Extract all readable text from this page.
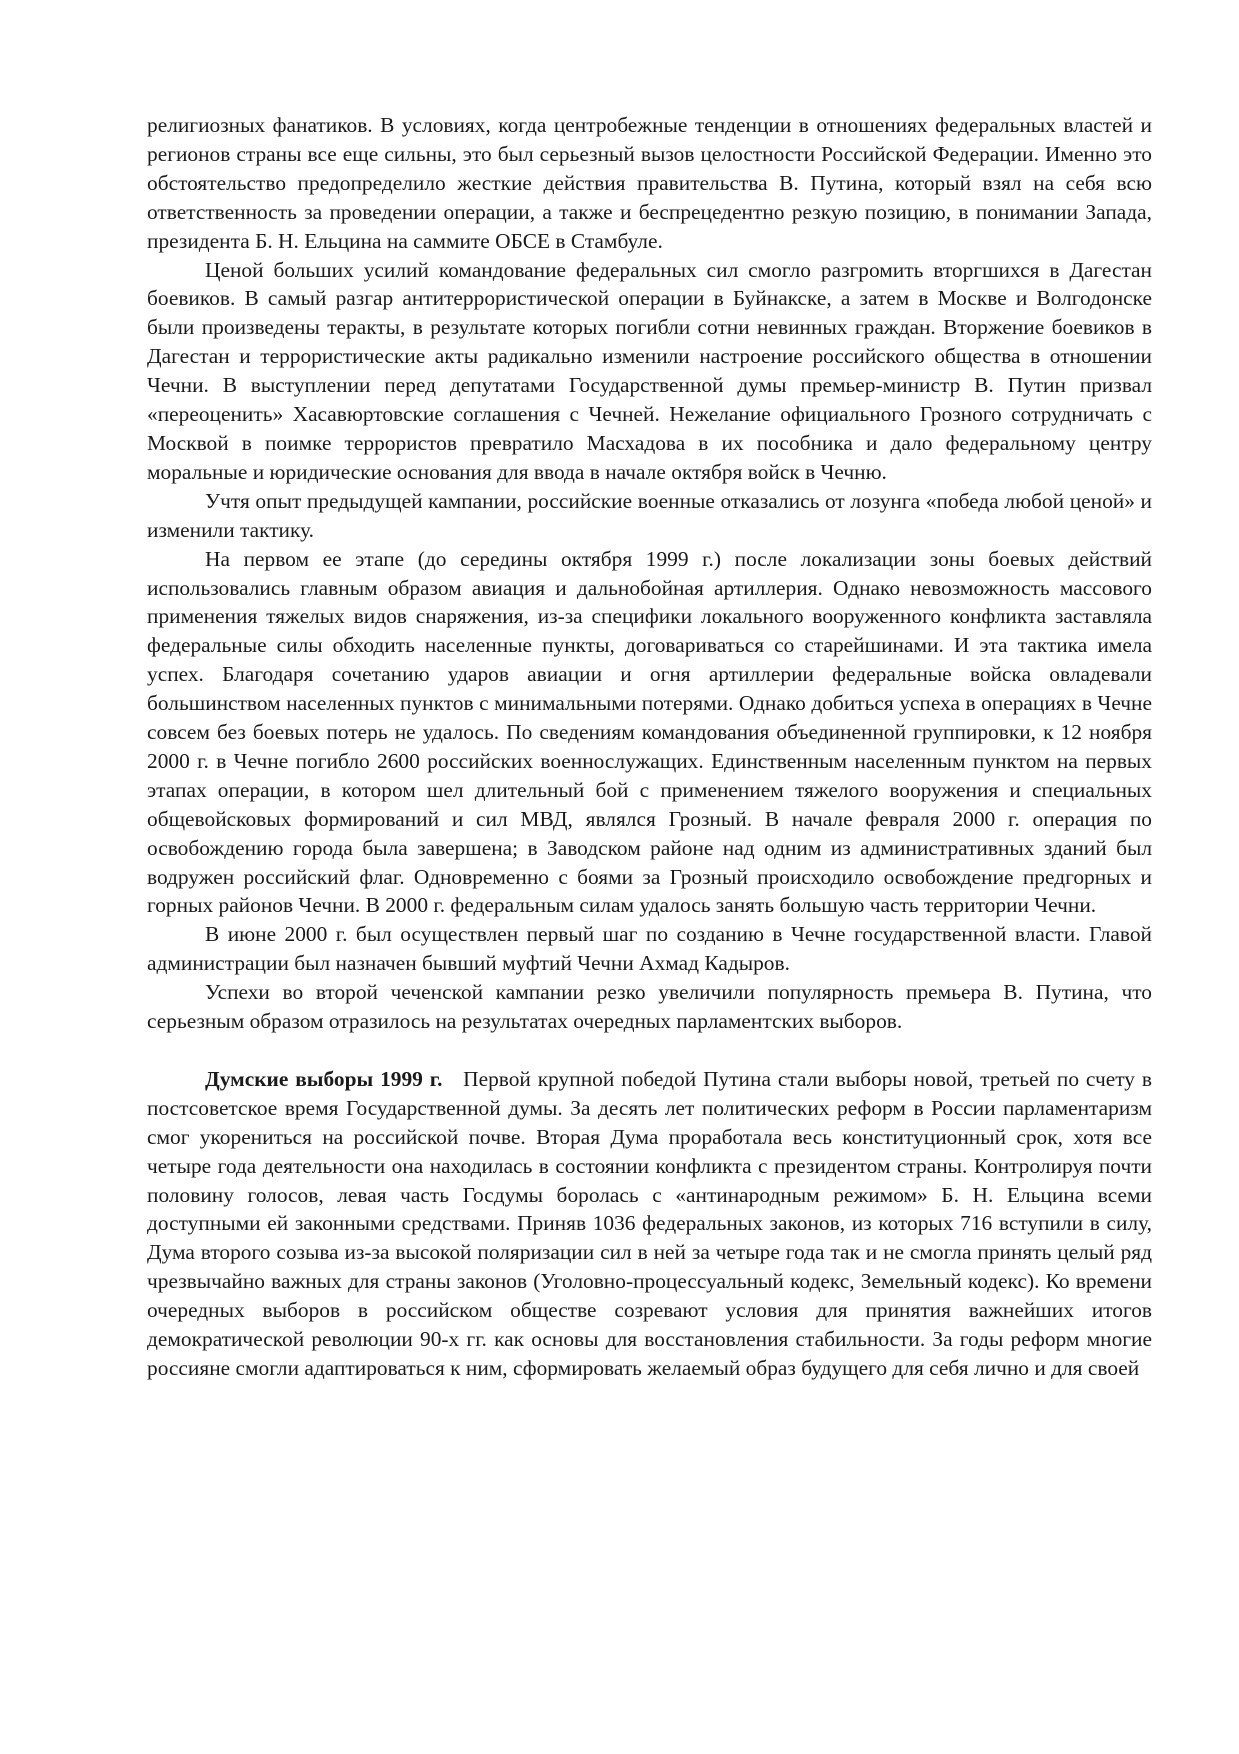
религиозных фанатиков. В условиях, когда центробежные тенденции в отношениях федеральных властей и регионов страны все еще сильны, это был серьезный вызов целостности Российской Федерации. Именно это обстоятельство предопределило жесткие действия правительства В. Путина, который взял на себя всю ответственность за проведении операции, а также и беспрецедентно резкую позицию, в понимании Запада, президента Б. Н. Ельцина на саммите ОБСЕ в Стамбуле.

Ценой больших усилий командование федеральных сил смогло разгромить вторгшихся в Дагестан боевиков. В самый разгар антитеррористической операции в Буйнакске, а затем в Москве и Волгодонске были произведены теракты, в результате которых погибли сотни невинных граждан. Вторжение боевиков в Дагестан и террористические акты радикально изменили настроение российского общества в отношении Чечни. В выступлении перед депутатами Государственной думы премьер-министр В. Путин призвал «переоценить» Хасавюртовские соглашения с Чечней. Нежелание официального Грозного сотрудничать с Москвой в поимке террористов превратило Масхадова в их пособника и дало федеральному центру моральные и юридические основания для ввода в начале октября войск в Чечню.

Учтя опыт предыдущей кампании, российские военные отказались от лозунга «победа любой ценой» и изменили тактику.

На первом ее этапе (до середины октября 1999 г.) после локализации зоны боевых действий использовались главным образом авиация и дальнобойная артиллерия. Однако невозможность массового применения тяжелых видов снаряжения, из-за специфики локального вооруженного конфликта заставляла федеральные силы обходить населенные пункты, договариваться со старейшинами. И эта тактика имела успех. Благодаря сочетанию ударов авиации и огня артиллерии федеральные войска овладевали большинством населенных пунктов с минимальными потерями. Однако добиться успеха в операциях в Чечне совсем без боевых потерь не удалось. По сведениям командования объединенной группировки, к 12 ноября 2000 г. в Чечне погибло 2600 российских военнослужащих. Единственным населенным пунктом на первых этапах операции, в котором шел длительный бой с применением тяжелого вооружения и специальных общевойсковых формирований и сил МВД, являлся Грозный. В начале февраля 2000 г. операция по освобождению города была завершена; в Заводском районе над одним из административных зданий был водружен российский флаг. Одновременно с боями за Грозный происходило освобождение предгорных и горных районов Чечни. В 2000 г. федеральным силам удалось занять большую часть территории Чечни.

В июне 2000 г. был осуществлен первый шаг по созданию в Чечне государственной власти. Главой администрации был назначен бывший муфтий Чечни Ахмад Кадыров.

Успехи во второй чеченской кампании резко увеличили популярность премьера В. Путина, что серьезным образом отразилось на результатах очередных парламентских выборов.

Думские выборы 1999 г. Первой крупной победой Путина стали выборы новой, третьей по счету в постсоветское время Государственной думы. За десять лет политических реформ в России парламентаризм смог укорениться на российской почве. Вторая Дума проработала весь конституционный срок, хотя все четыре года деятельности она находилась в состоянии конфликта с президентом страны. Контролируя почти половину голосов, левая часть Госдумы боролась с «антинародным режимом» Б. Н. Ельцина всеми доступными ей законными средствами. Приняв 1036 федеральных законов, из которых 716 вступили в силу, Дума второго созыва из-за высокой поляризации сил в ней за четыре года так и не смогла принять целый ряд чрезвычайно важных для страны законов (Уголовно-процессуальный кодекс, Земельный кодекс). Ко времени очередных выборов в российском обществе созревают условия для принятия важнейших итогов демократической революции 90-х гг. как основы для восстановления стабильности. За годы реформ многие россияне смогли адаптироваться к ним, сформировать желаемый образ будущего для себя лично и для своей
